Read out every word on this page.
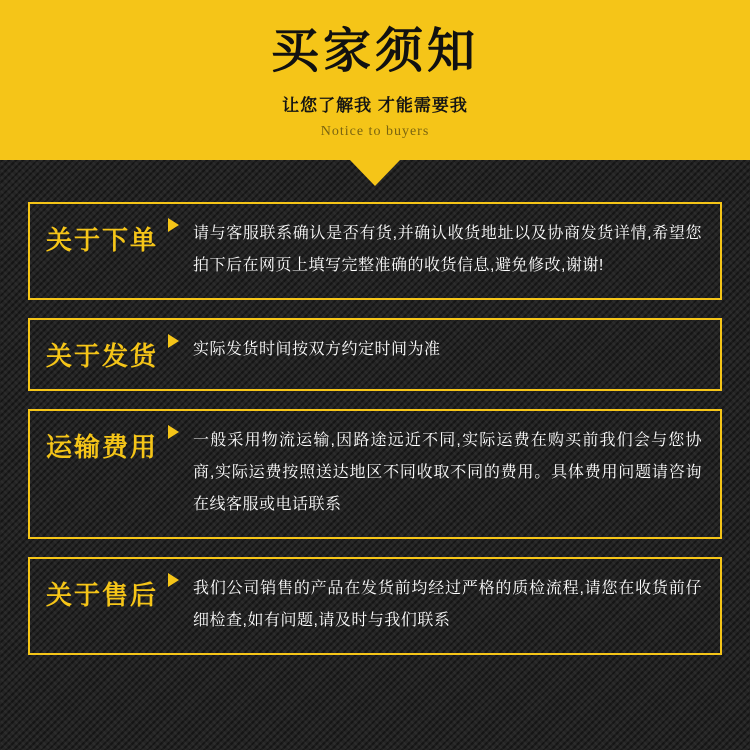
买家须知
让您了解我 才能需要我
Notice to buyers
关于下单 请与客服联系确认是否有货,并确认收货地址以及协商发货详情,希望您拍下后在网页上填写完整准确的收货信息,避免修改,谢谢!
关于发货 实际发货时间按双方约定时间为准
运输费用 一般采用物流运输,因路途远近不同,实际运费在购买前我们会与您协商,实际运费按照送达地区不同收取不同的费用。具体费用问题请咨询在线客服或电话联系
关于售后 我们公司销售的产品在发货前均经过严格的质检流程,请您在收货前仔细检查,如有问题,请及时与我们联系
